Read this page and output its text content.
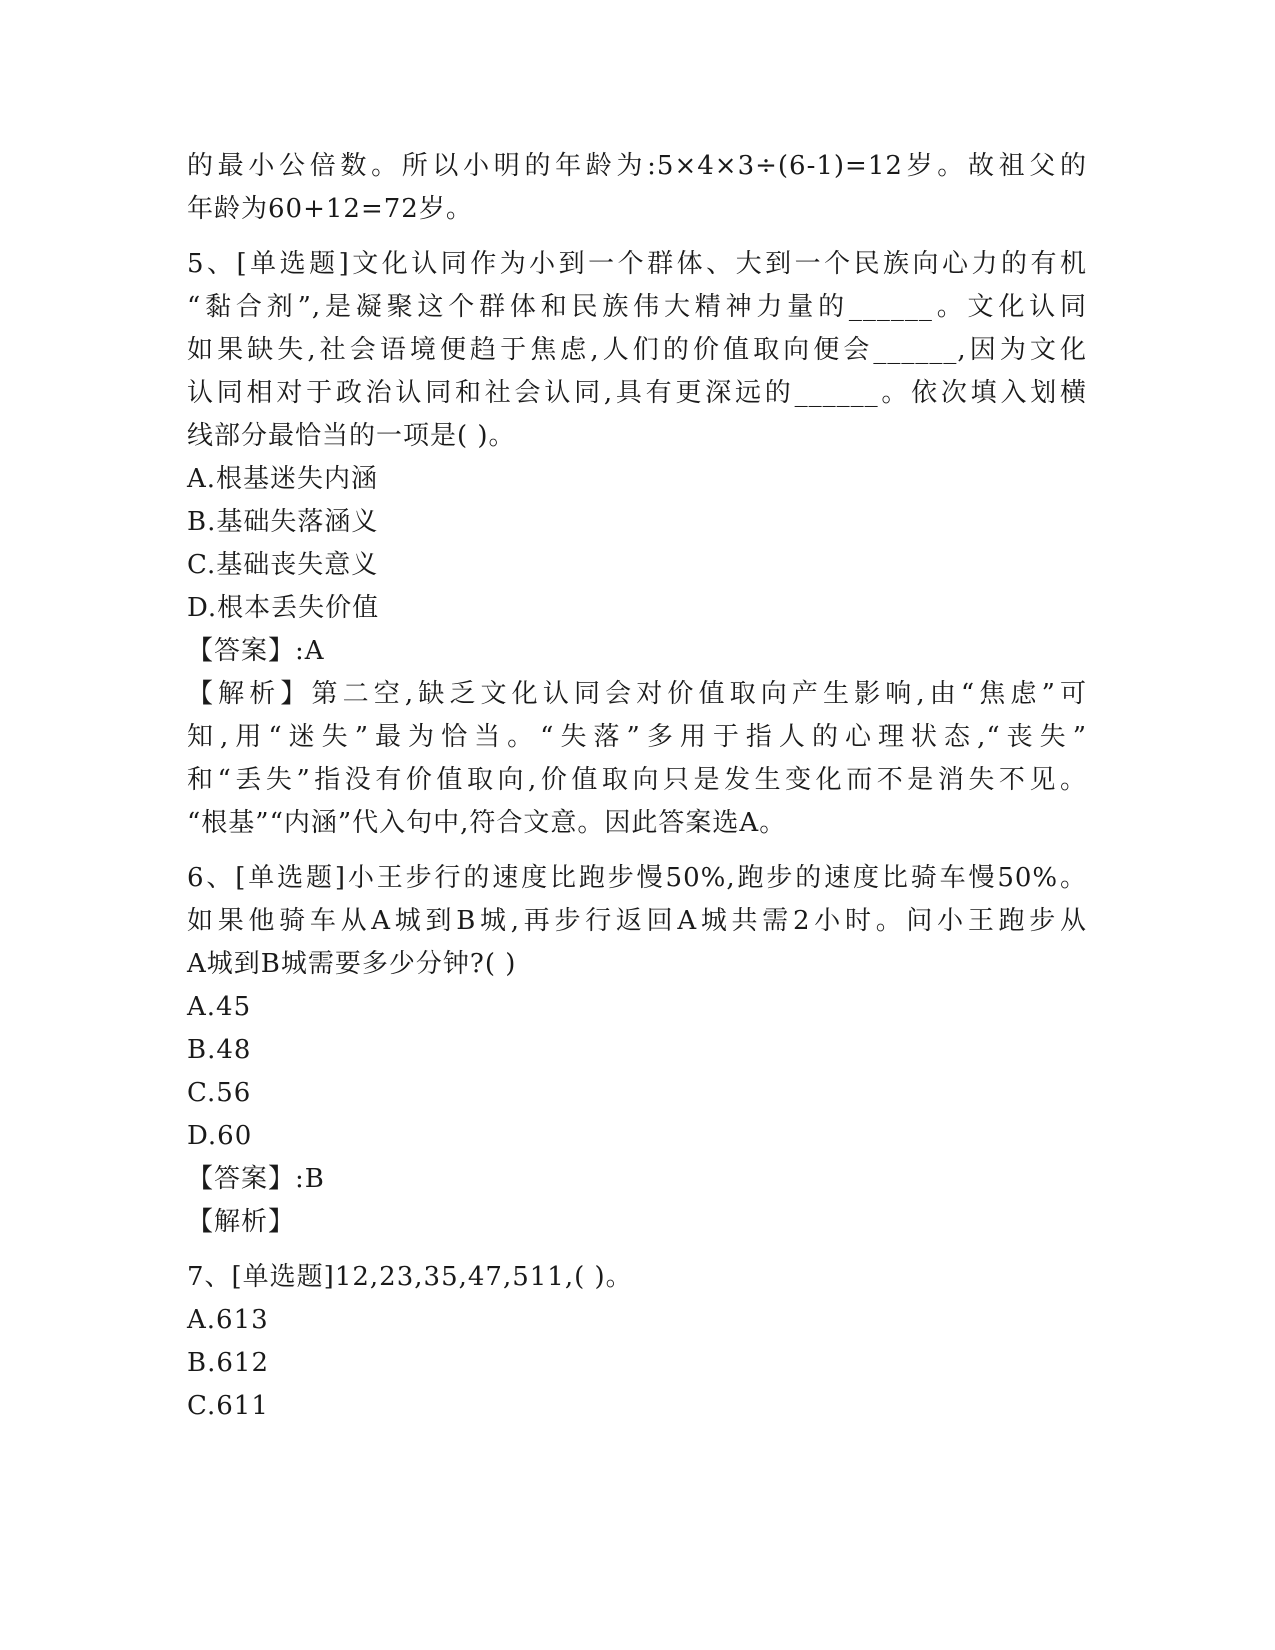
的最小公倍数。所以小明的年龄为:5×4×3÷(6-1)=12岁。故祖父的
年龄为60+12=72岁。
5、[单选题]文化认同作为小到一个群体、大到一个民族向心力的有机
“黏合剂”,是凝聚这个群体和民族伟大精神力量的______。文化认同
如果缺失,社会语境便趋于焦虑,人们的价值取向便会______,因为文化
认同相对于政治认同和社会认同,具有更深远的______。依次填入划横
线部分最恰当的一项是( )。
A.根基迷失内涵
B.基础失落涵义
C.基础丧失意义
D.根本丢失价值
【答案】:A
【解析】第二空,缺乏文化认同会对价值取向产生影响,由“焦虑”可
知,用“迷失”最为恰当。“失落”多用于指人的心理状态,“丧失”
和“丢失”指没有价值取向,价值取向只是发生变化而不是消失不见。
“根基”“内涵”代入句中,符合文意。因此答案选A。
6、[单选题]小王步行的速度比跑步慢50%,跑步的速度比骑车慢50%。
如果他骑车从A城到B城,再步行返回A城共需2小时。问小王跑步从
A城到B城需要多少分钟?( )
A.45
B.48
C.56
D.60
【答案】:B
【解析】
7、[单选题]12,23,35,47,511,( )。
A.613
B.612
C.611
